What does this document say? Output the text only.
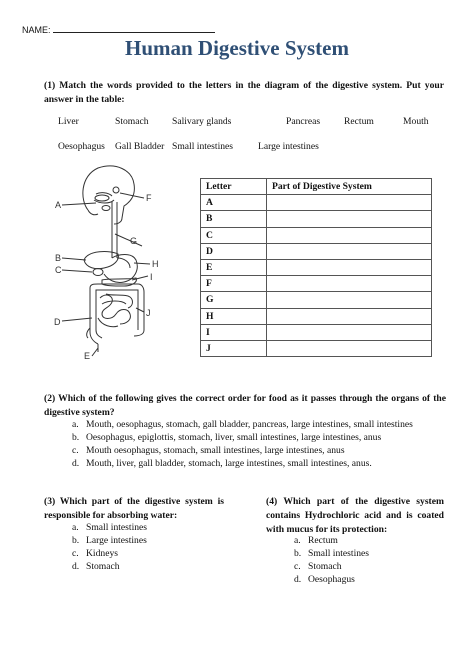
NAME:
Human Digestive System
(1) Match the words provided to the letters in the diagram of the digestive system. Put your answer in the table:
Liver	Stomach Salivary glands	Pancreas Rectum	Mouth
Oesophagus Gall Bladder Small intestines	Large intestines
A
B
C
D
E
F
G
H
I
J
Letter	Part of Digestive System
A	
B	
C	
D	
E	
F	
G	
H	
I	
J	
(2) Which of the following gives the correct order for food as it passes through the organs of the digestive system?
a. Mouth, oesophagus, stomach, gall bladder, pancreas, large intestines, small intestines
b. Oesophagus, epiglottis, stomach, liver, small intestines, large intestines, anus
c. Mouth oesophagus, stomach, small intestines, large intestines, anus
d. Mouth, liver, gall bladder, stomach, large intestines, small intestines, anus.
(3) Which part of the digestive system is responsible for absorbing water:
a. Small intestines
b. Large intestines
c. Kidneys
d. Stomach
(4) Which part of the digestive system contains Hydrochloric acid and is coated with mucus for its protection:
a. Rectum
b. Small intestines
c. Stomach
d. Oesophagus
